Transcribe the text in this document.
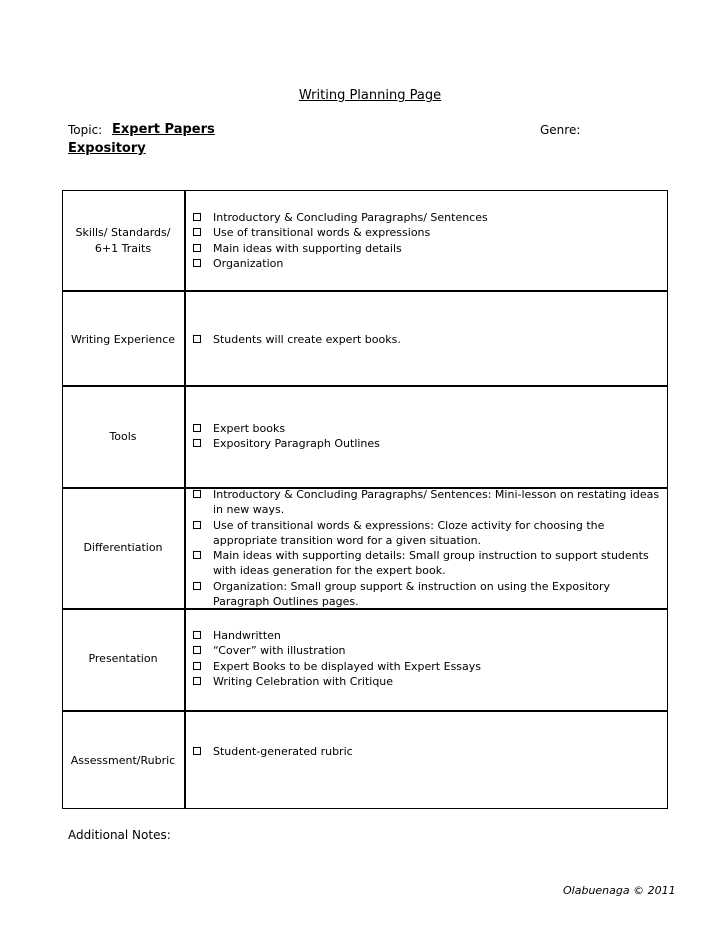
Writing Planning Page
Topic: Expert Papers	Genre:
Expository
Skills/ Standards/ 6+1 Traits
Introductory & Concluding Paragraphs/ Sentences
Use of transitional words & expressions
Main ideas with supporting details
Organization
Writing Experience	Students will create expert books.
Tools
Expert books
Expository Paragraph Outlines
Differentiation
Introductory & Concluding Paragraphs/ Sentences: Mini-lesson on restating ideas in new ways.
Use of transitional words & expressions: Cloze activity for choosing the appropriate transition word for a given situation.
Main ideas with supporting details: Small group instruction to support students with ideas generation for the expert book.
Organization: Small group support & instruction on using the Expository Paragraph Outlines pages.
Presentation
Handwritten
“Cover” with illustration
Expert Books to be displayed with Expert Essays
Writing Celebration with Critique
Assessment/Rubric
Student-generated rubric
Additional Notes:
Olabuenaga © 2011
